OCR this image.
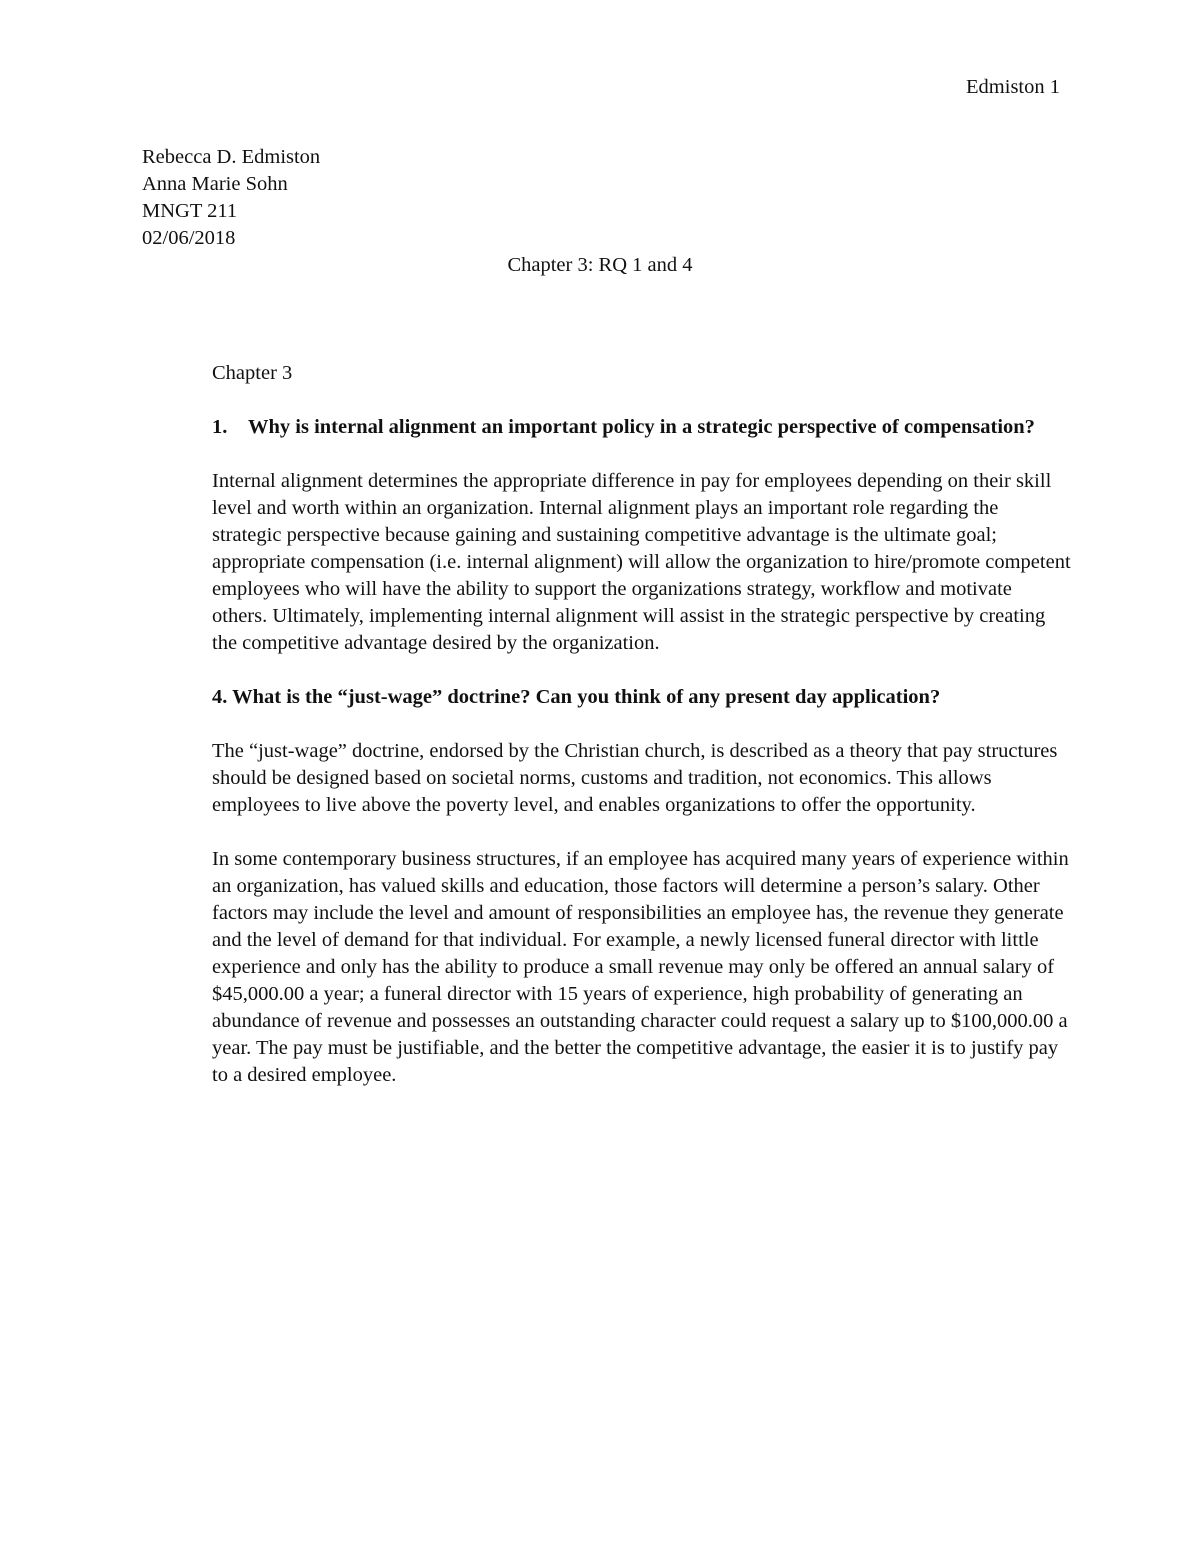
Edmiston 1
Rebecca D. Edmiston
Anna Marie Sohn
MNGT 211
02/06/2018
Chapter 3: RQ 1 and 4
Chapter 3
1.	Why is internal alignment an important policy in a strategic perspective of compensation?

Internal alignment determines the appropriate difference in pay for employees depending on their skill level and worth within an organization. Internal alignment plays an important role regarding the strategic perspective because gaining and sustaining competitive advantage is the ultimate goal; appropriate compensation (i.e. internal alignment) will allow the organization to hire/promote competent employees who will have the ability to support the organizations strategy, workflow and motivate others. Ultimately, implementing internal alignment will assist in the strategic perspective by creating the competitive advantage desired by the organization.

4. What is the “just-wage” doctrine? Can you think of any present day application?

The “just-wage” doctrine, endorsed by the Christian church, is described as a theory that pay structures should be designed based on societal norms, customs and tradition, not economics. This allows employees to live above the poverty level, and enables organizations to offer the opportunity.

In some contemporary business structures, if an employee has acquired many years of experience within an organization, has valued skills and education, those factors will determine a person’s salary. Other factors may include the level and amount of responsibilities an employee has, the revenue they generate and the level of demand for that individual. For example, a newly licensed funeral director with little experience and only has the ability to produce a small revenue may only be offered an annual salary of $45,000.00 a year; a funeral director with 15 years of experience, high probability of generating an abundance of revenue and possesses an outstanding character could request a salary up to $100,000.00 a year. The pay must be justifiable, and the better the competitive advantage, the easier it is to justify pay to a desired employee.
